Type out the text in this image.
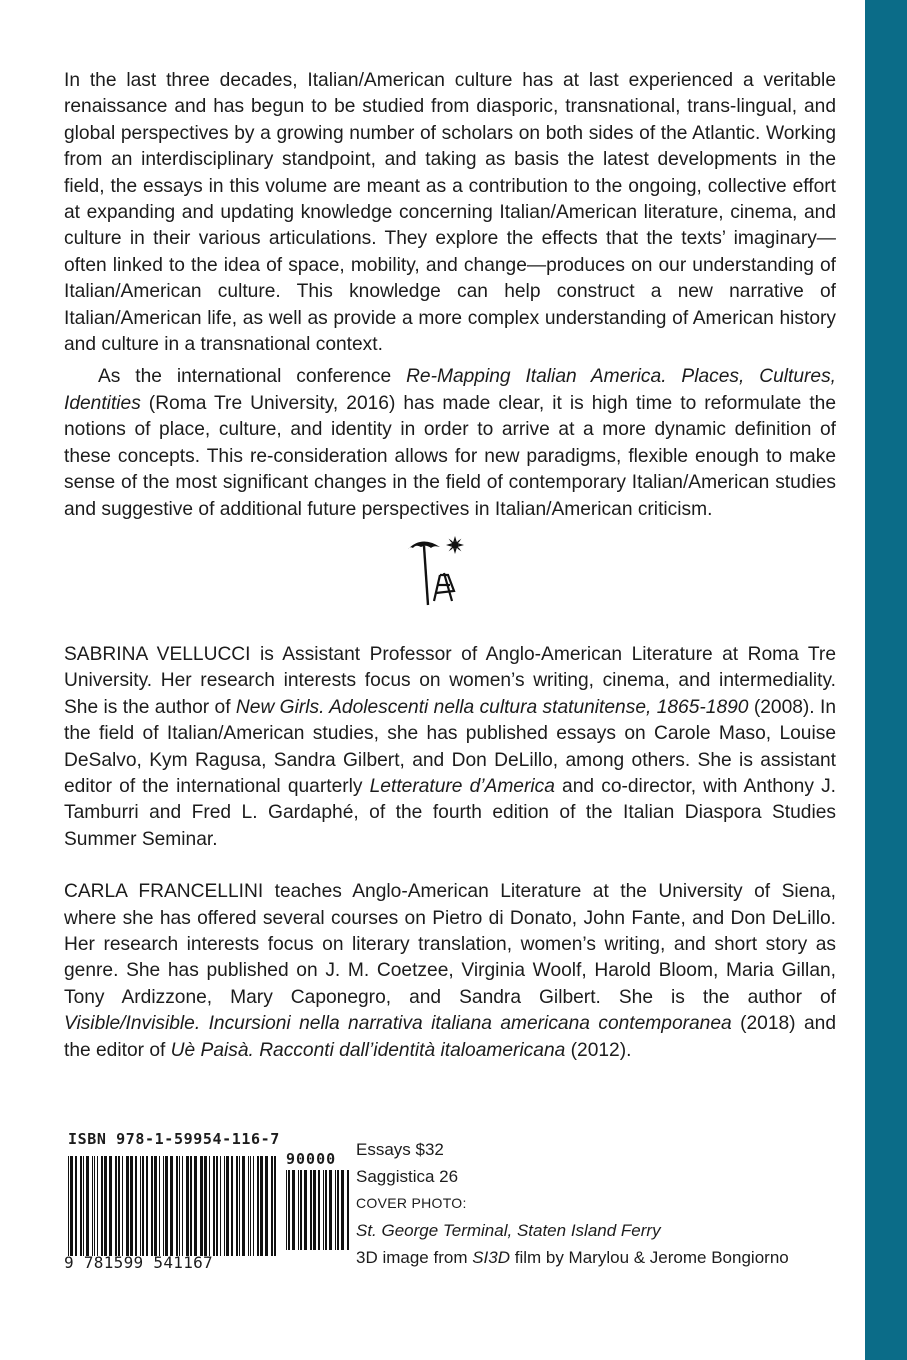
In the last three decades, Italian/American culture has at last experienced a veritable renaissance and has begun to be studied from diasporic, transnational, trans-lingual, and global perspectives by a growing number of scholars on both sides of the Atlantic. Working from an interdisciplinary standpoint, and taking as basis the latest developments in the field, the essays in this volume are meant as a contribution to the ongoing, collective effort at expanding and updating knowledge concerning Italian/American literature, cinema, and culture in their various articulations. They explore the effects that the texts’ imaginary—often linked to the idea of space, mobility, and change—produces on our understanding of Italian/American culture. This knowledge can help construct a new narrative of Italian/American life, as well as provide a more complex understanding of American history and culture in a transnational context.

As the international conference Re-Mapping Italian America. Places, Cultures, Identities (Roma Tre University, 2016) has made clear, it is high time to reformulate the notions of place, culture, and identity in order to arrive at a more dynamic definition of these concepts. This re-consideration allows for new paradigms, flexible enough to make sense of the most significant changes in the field of contemporary Italian/American studies and suggestive of additional future perspectives in Italian/American criticism.

SABRINA VELLUCCI is Assistant Professor of Anglo-American Literature at Roma Tre University. Her research interests focus on women’s writing, cinema, and intermediality. She is the author of New Girls. Adolescenti nella cultura statunitense, 1865-1890 (2008). In the field of Italian/American studies, she has published essays on Carole Maso, Louise DeSalvo, Kym Ragusa, Sandra Gilbert, and Don DeLillo, among others. She is assistant editor of the international quarterly Letterature d’America and co-director, with Anthony J. Tamburri and Fred L. Gardaphé, of the fourth edition of the Italian Diaspora Studies Summer Seminar.

CARLA FRANCELLINI teaches Anglo-American Literature at the University of Siena, where she has offered several courses on Pietro di Donato, John Fante, and Don DeLillo. Her research interests focus on literary translation, women’s writing, and short story as genre. She has published on J. M. Coetzee, Virginia Woolf, Harold Bloom, Maria Gillan, Tony Ardizzone, Mary Caponegro, and Sandra Gilbert. She is the author of Visible/Invisible. Incursioni nella narrativa italiana americana contemporanea (2018) and the editor of Uè Paisà. Racconti dall’identità italoamericana (2012).

ISBN 978-1-59954-116-7
90000
9 781599 541167
Essays $32
Saggistica 26
COVER PHOTO:
St. George Terminal, Staten Island Ferry
3D image from SI3D film by Marylou & Jerome Bongiorno
